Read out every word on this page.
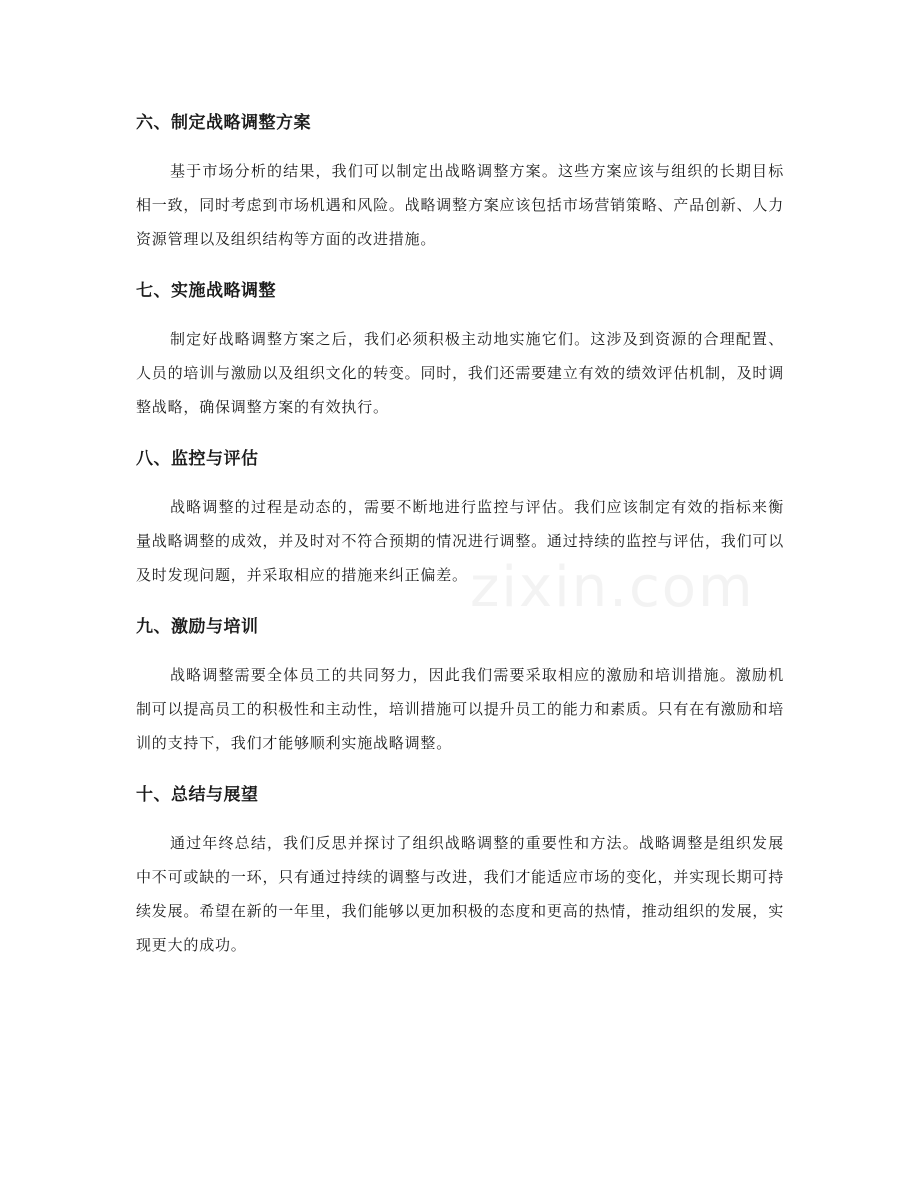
六、制定战略调整方案

基于市场分析的结果，我们可以制定出战略调整方案。这些方案应该与组织的长期目标相一致，同时考虑到市场机遇和风险。战略调整方案应该包括市场营销策略、产品创新、人力资源管理以及组织结构等方面的改进措施。

七、实施战略调整

制定好战略调整方案之后，我们必须积极主动地实施它们。这涉及到资源的合理配置、人员的培训与激励以及组织文化的转变。同时，我们还需要建立有效的绩效评估机制，及时调整战略，确保调整方案的有效执行。

八、监控与评估

战略调整的过程是动态的，需要不断地进行监控与评估。我们应该制定有效的指标来衡量战略调整的成效，并及时对不符合预期的情况进行调整。通过持续的监控与评估，我们可以及时发现问题，并采取相应的措施来纠正偏差。

九、激励与培训

战略调整需要全体员工的共同努力，因此我们需要采取相应的激励和培训措施。激励机制可以提高员工的积极性和主动性，培训措施可以提升员工的能力和素质。只有在有激励和培训的支持下，我们才能够顺利实施战略调整。

十、总结与展望

通过年终总结，我们反思并探讨了组织战略调整的重要性和方法。战略调整是组织发展中不可或缺的一环，只有通过持续的调整与改进，我们才能适应市场的变化，并实现长期可持续发展。希望在新的一年里，我们能够以更加积极的态度和更高的热情，推动组织的发展，实现更大的成功。

zixin.com
